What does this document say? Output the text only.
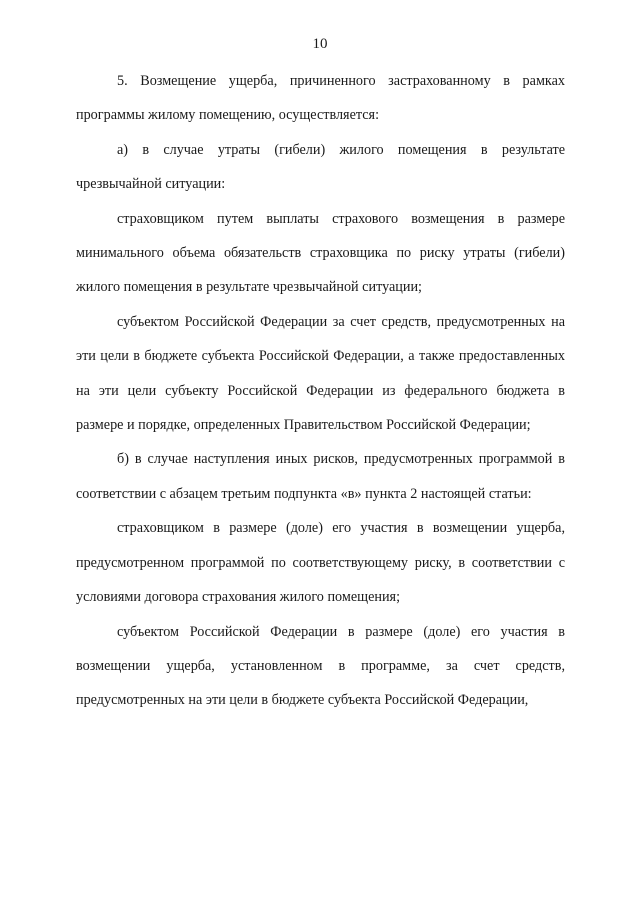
10

5. Возмещение ущерба, причиненного застрахованному в рамках программы жилому помещению, осуществляется:

а) в случае утраты (гибели) жилого помещения в результате чрезвычайной ситуации:

страховщиком путем выплаты страхового возмещения в размере минимального объема обязательств страховщика по риску утраты (гибели) жилого помещения в результате чрезвычайной ситуации;

субъектом Российской Федерации за счет средств, предусмотренных на эти цели в бюджете субъекта Российской Федерации, а также предоставленных на эти цели субъекту Российской Федерации из федерального бюджета в размере и порядке, определенных Правительством Российской Федерации;

б) в случае наступления иных рисков, предусмотренных программой в соответствии с абзацем третьим подпункта «в» пункта 2 настоящей статьи:

страховщиком в размере (доле) его участия в возмещении ущерба, предусмотренном программой по соответствующему риску, в соответствии с условиями договора страхования жилого помещения;

субъектом Российской Федерации в размере (доле) его участия в возмещении ущерба, установленном в программе, за счет средств, предусмотренных на эти цели в бюджете субъекта Российской Федерации,
